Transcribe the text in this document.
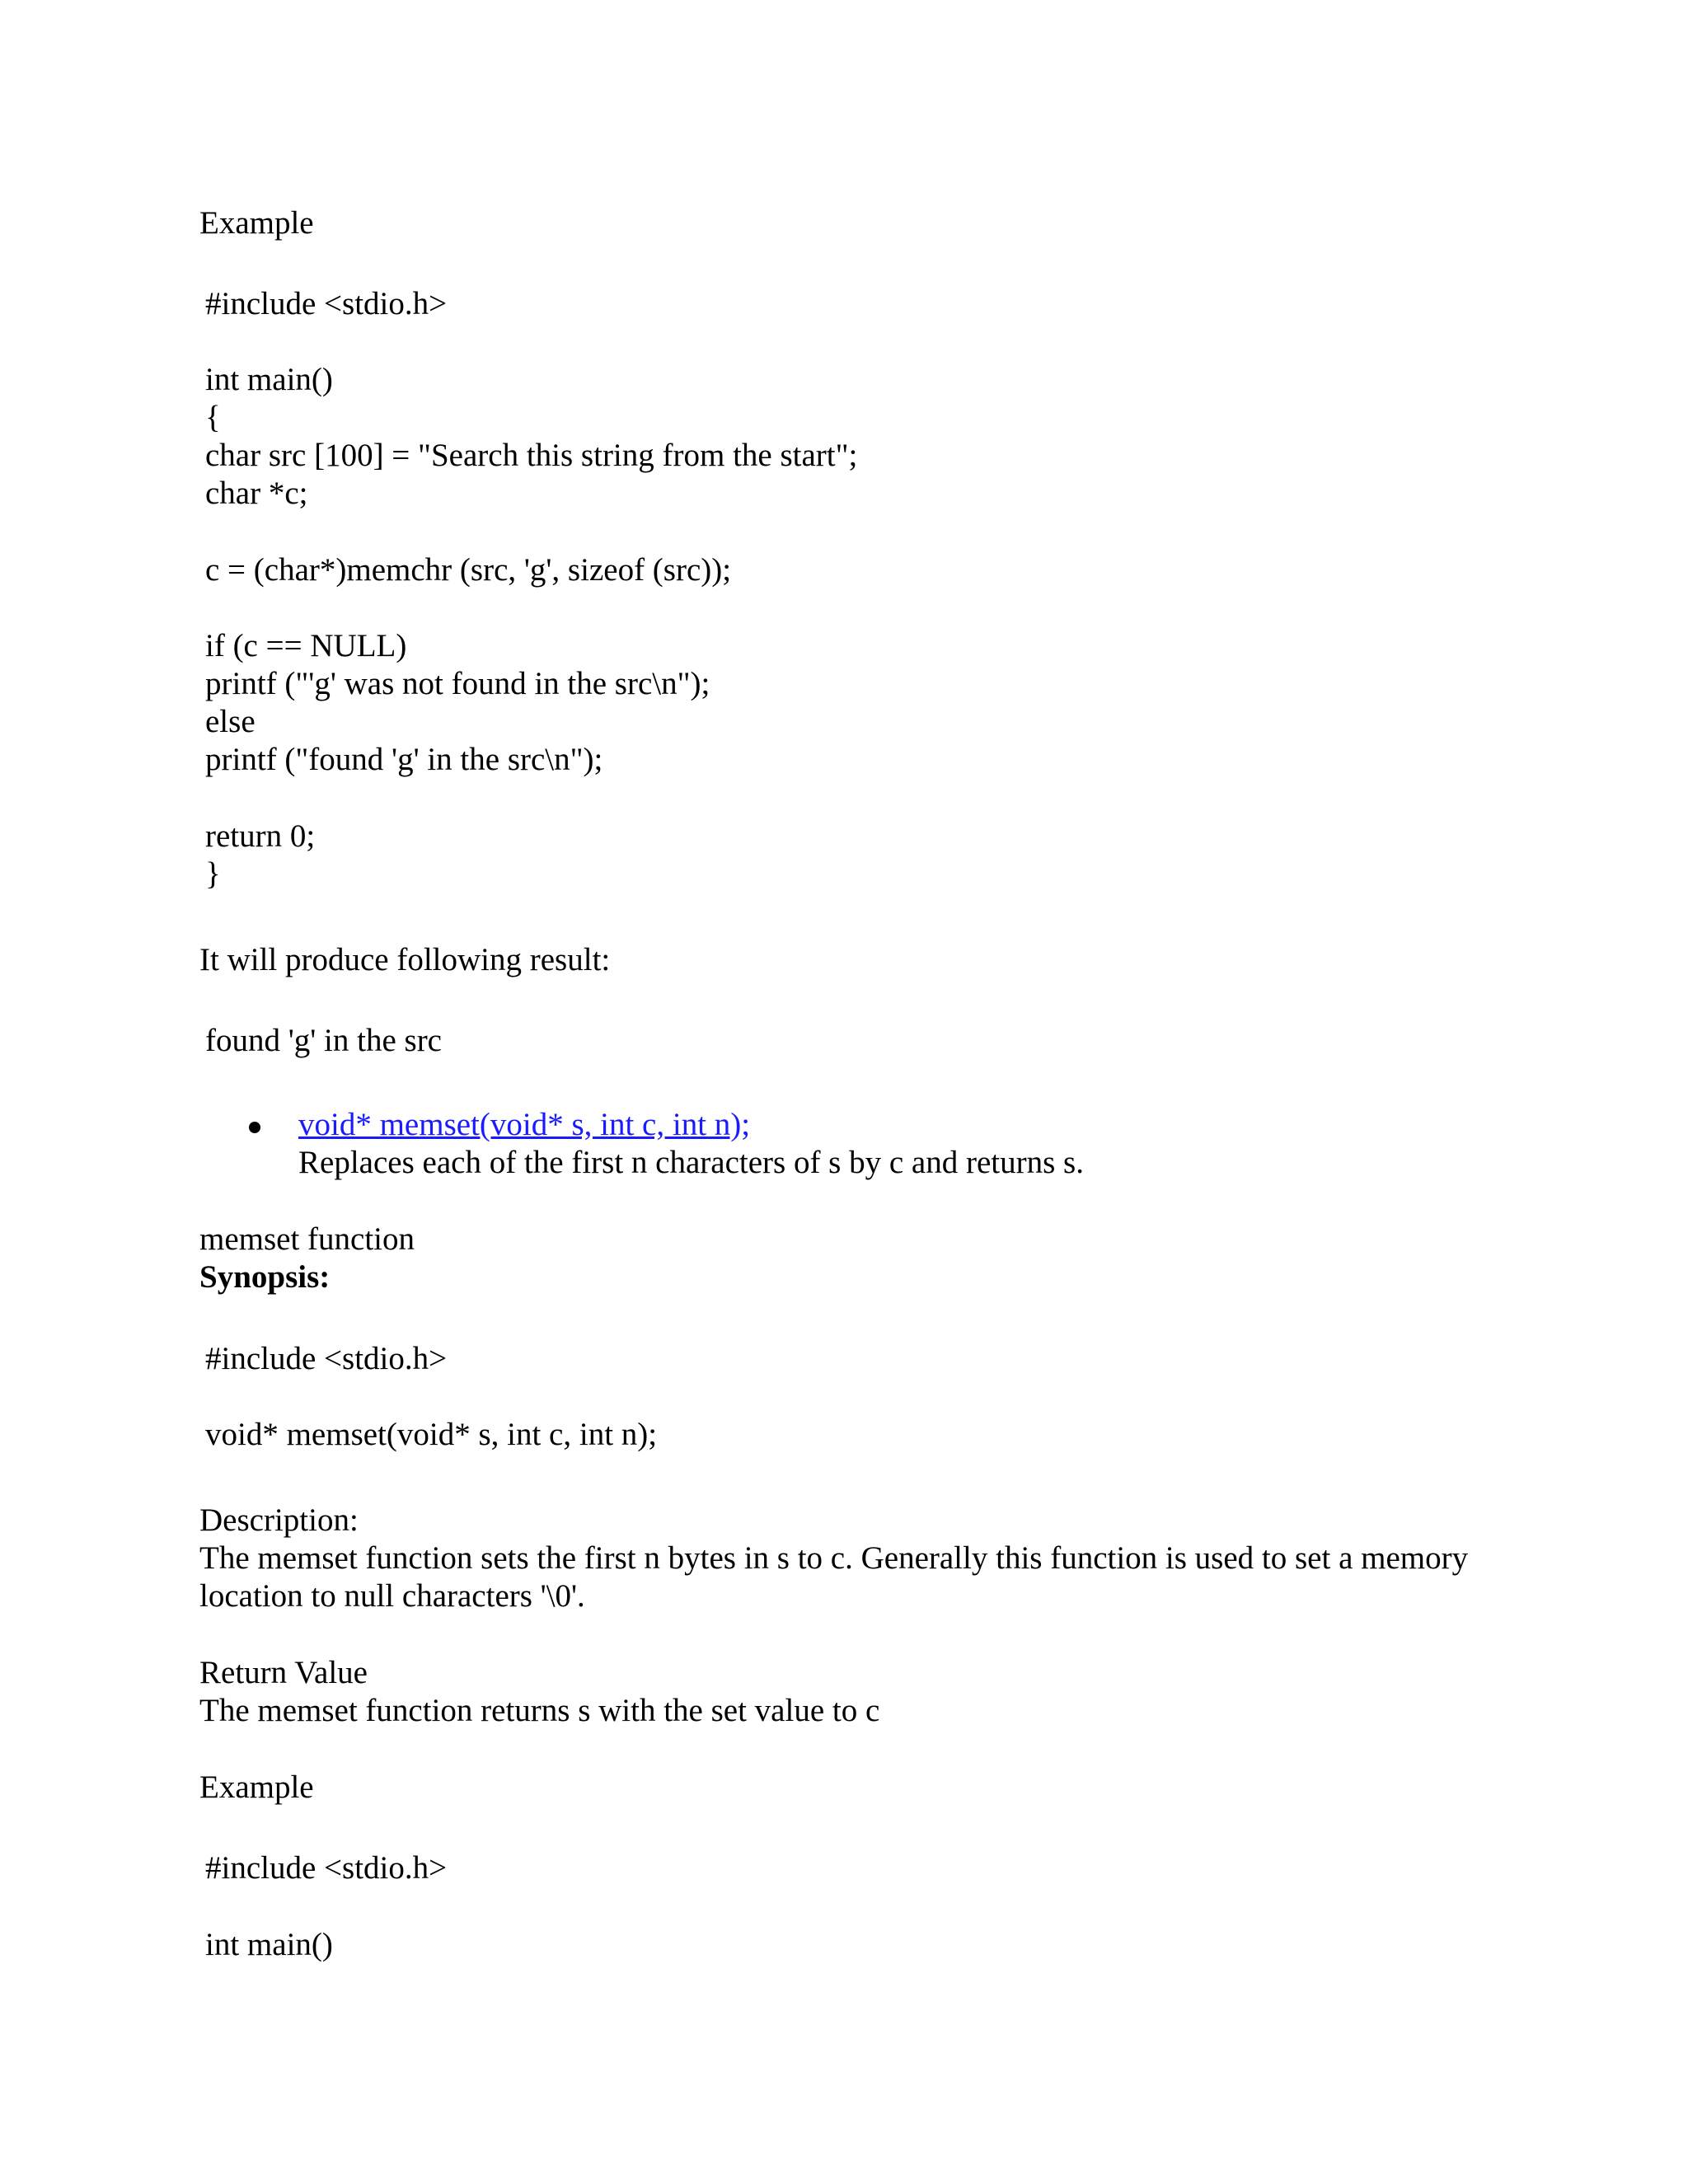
Example

#include <stdio.h>

int main()

{

char src [100] = "Search this string from the start";

char *c;

c = (char*)memchr (src, 'g', sizeof (src));

if (c == NULL)

printf ("'g' was not found in the src\n");

else

printf ("found 'g' in the src\n");

return 0;

}

It will produce following result:

found 'g' in the src

void* memset(void* s, int c, int n);

Replaces each of the first n characters of s by c and returns s.

memset function

Synopsis:

#include <stdio.h>

void* memset(void* s, int c, int n);

Description:

The memset function sets the first n bytes in s to c. Generally this function is used to set a memory location to null characters '\0'.

Return Value

The memset function returns s with the set value to c

Example

#include <stdio.h>

int main()
